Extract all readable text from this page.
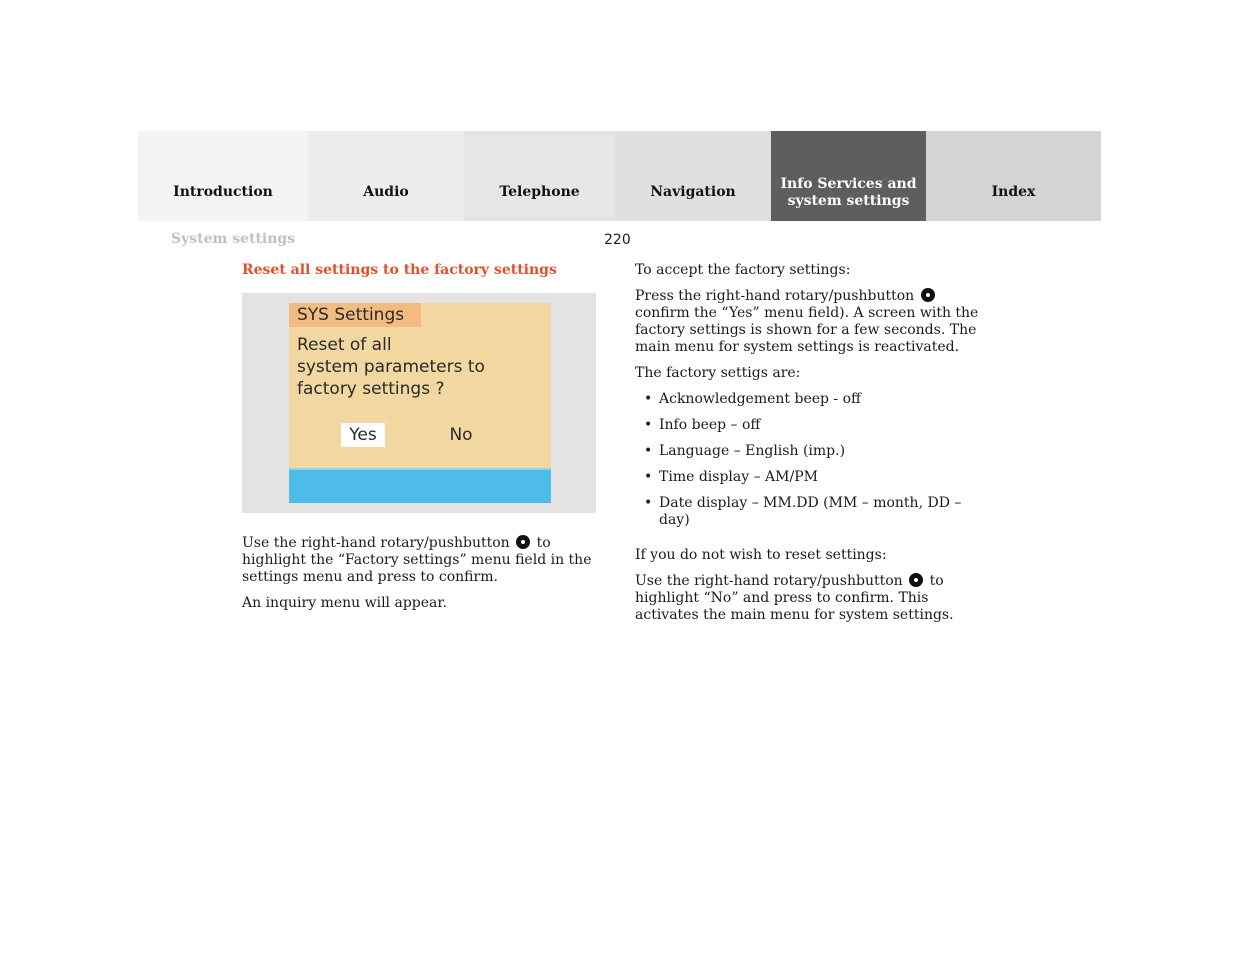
Introduction	Audio	Telephone	Navigation	Info Services and
system settings
Index
System settings	220
Reset all settings to the factory settings
SYS Settings
Reset of all
system parameters to
factory settings ?
Yes	No

Use the right-hand rotary/pushbutton  to highlight the “Factory settings” menu field in the settings menu and press to confirm.

An inquiry menu will appear.

To accept the factory settings:

Press the right-hand rotary/pushbutton  confirm the “Yes” menu field). A screen with the factory settings is shown for a few seconds. The main menu for system settings is reactivated.

The factory settigs are:

• Acknowledgement beep - off
• Info beep – off
• Language – English (imp.)
• Time display – AM/PM
• Date display – MM.DD (MM – month, DD – day)

If you do not wish to reset settings:

Use the right-hand rotary/pushbutton  to highlight “No” and press to confirm. This activates the main menu for system settings.
